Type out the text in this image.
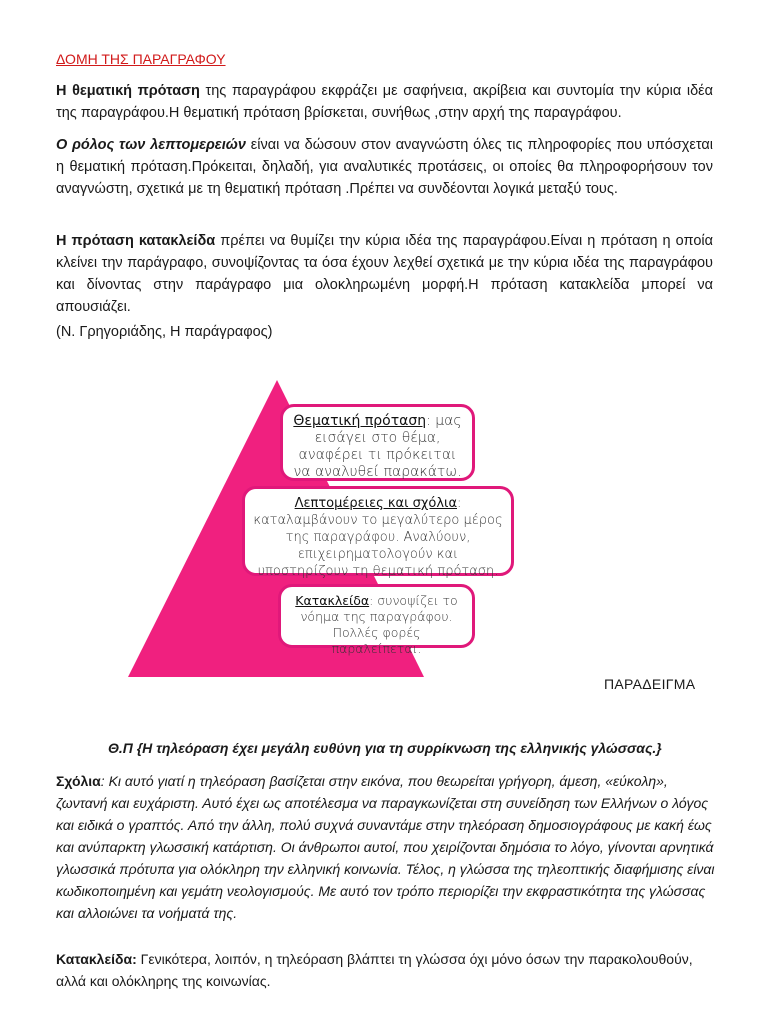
ΔΟΜΗ ΤΗΣ ΠΑΡΑΓΡΑΦΟΥ

Η θεματική πρόταση της παραγράφου εκφράζει με σαφήνεια, ακρίβεια και συντομία την κύρια ιδέα της παραγράφου.Η θεματική πρόταση βρίσκεται, συνήθως ,στην αρχή της παραγράφου.

Ο ρόλος των λεπτομερειών είναι να δώσουν στον αναγνώστη όλες τις πληροφορίες που υπόσχεται η θεματική πρόταση.Πρόκειται, δηλαδή, για αναλυτικές προτάσεις, οι οποίες θα πληροφορήσουν τον αναγνώστη, σχετικά με τη θεματική πρόταση .Πρέπει να συνδέονται λογικά μεταξύ τους.

Η πρόταση κατακλείδα πρέπει να θυμίζει την κύρια ιδέα της παραγράφου.Είναι η πρόταση η οποία κλείνει την παράγραφο, συνοψίζοντας τα όσα έχουν λεχθεί σχετικά με την κύρια ιδέα της παραγράφου και δίνοντας στην παράγραφο μια ολοκληρωμένη μορφή.Η πρόταση κατακλείδα μπορεί να απουσιάζει.

(Ν. Γρηγοριάδης, Η παράγραφος)

Θεματική πρόταση: μας εισάγει στο θέμα, αναφέρει τι πρόκειται να αναλυθεί παρακάτω.
Λεπτομέρειες και σχόλια: καταλαμβάνουν το μεγαλύτερο μέρος της παραγράφου. Αναλύουν, επιχειρηματολογούν και υποστηρίζουν τη θεματική πρόταση.
Κατακλείδα: συνοψίζει το νόημα της παραγράφου. Πολλές φορές παραλείπεται.

ΠΑΡΑΔΕΙΓΜΑ

Θ.Π {Η τηλεόραση έχει μεγάλη ευθύνη για τη συρρίκνωση της ελληνικής γλώσσας.}

Σχόλια: Κι αυτό γιατί η τηλεόραση βασίζεται στην εικόνα, που θεωρείται γρήγορη, άμεση, «εύκολη», ζωντανή και ευχάριστη. Αυτό έχει ως αποτέλεσμα να παραγκωνίζεται στη συνείδηση των Ελλήνων ο λόγος και ειδικά ο γραπτός. Από την άλλη, πολύ συχνά συναντάμε στην τηλεόραση δημοσιογράφους με κακή έως και ανύπαρκτη γλωσσική κατάρτιση. Οι άνθρωποι αυτοί, που χειρίζονται δημόσια το λόγο, γίνονται αρνητικά γλωσσικά πρότυπα για ολόκληρη την ελληνική κοινωνία. Τέλος, η γλώσσα της τηλεοπτικής διαφήμισης είναι κωδικοποιημένη και γεμάτη νεολογισμούς. Με αυτό τον τρόπο περιορίζει την εκφραστικότητα της γλώσσας και αλλοιώνει τα νοήματά της.

Κατακλείδα: Γενικότερα, λοιπόν, η τηλεόραση βλάπτει τη γλώσσα όχι μόνο όσων την παρακολουθούν, αλλά και ολόκληρης της κοινωνίας.
